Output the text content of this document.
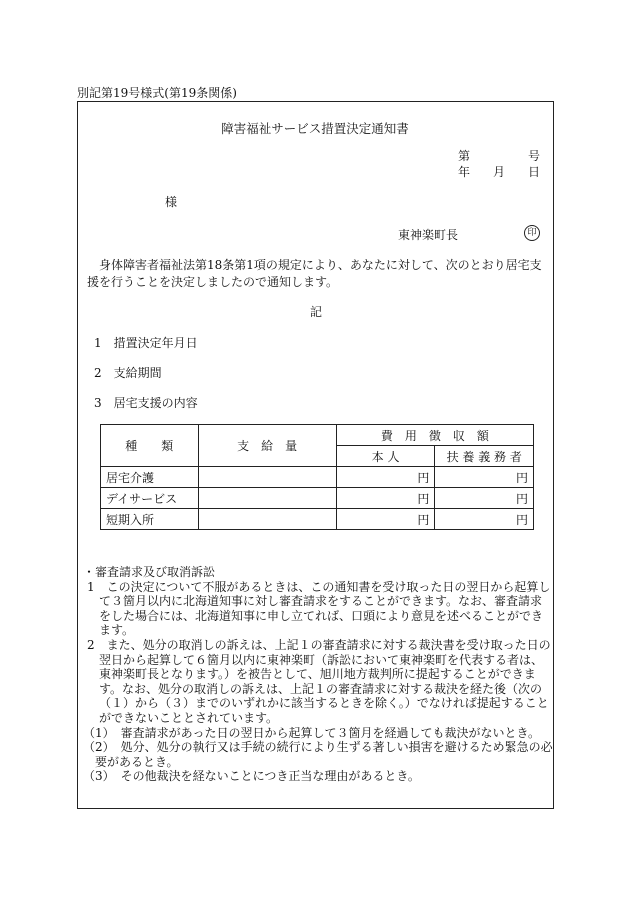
別記第19号様式(第19条関係)
障害福祉サービス措置決定通知書
第	号
年 月 日
様
東神楽町長	印
身体障害者福祉法第18条第1項の規定により、あなたに対して、次のとおり居宅支援を行うことを決定しましたので通知します。
記
1　措置決定年月日
2　支給期間
3　居宅支援の内容
種　　類	支　給　量	費　用　徴　収　額	
		本 人	扶 養 義 務 者
居宅介護		円	円
デイサービス		円	円
短期入所		円	円
・審査請求及び取消訴訟
1　この決定について不服があるときは、この通知書を受け取った日の翌日から起算して３箇月以内に北海道知事に対し審査請求をすることができます。なお、審査請求をした場合には、北海道知事に申し立てれば、口頭により意見を述べることができます。
2　また、処分の取消しの訴えは、上記１の審査請求に対する裁決書を受け取った日の翌日から起算して６箇月以内に東神楽町（訴訟において東神楽町を代表する者は、東神楽町長となります。）を被告として、旭川地方裁判所に提起することができます。なお、処分の取消しの訴えは、上記１の審査請求に対する裁決を経た後（次の（１）から（３）までのいずれかに該当するときを除く。）でなければ提起することができないこととされています。
（1）　審査請求があった日の翌日から起算して３箇月を経過しても裁決がないとき。
（2）　処分、処分の執行又は手続の続行により生ずる著しい損害を避けるため緊急の必要があるとき。
（3）　その他裁決を経ないことにつき正当な理由があるとき。
